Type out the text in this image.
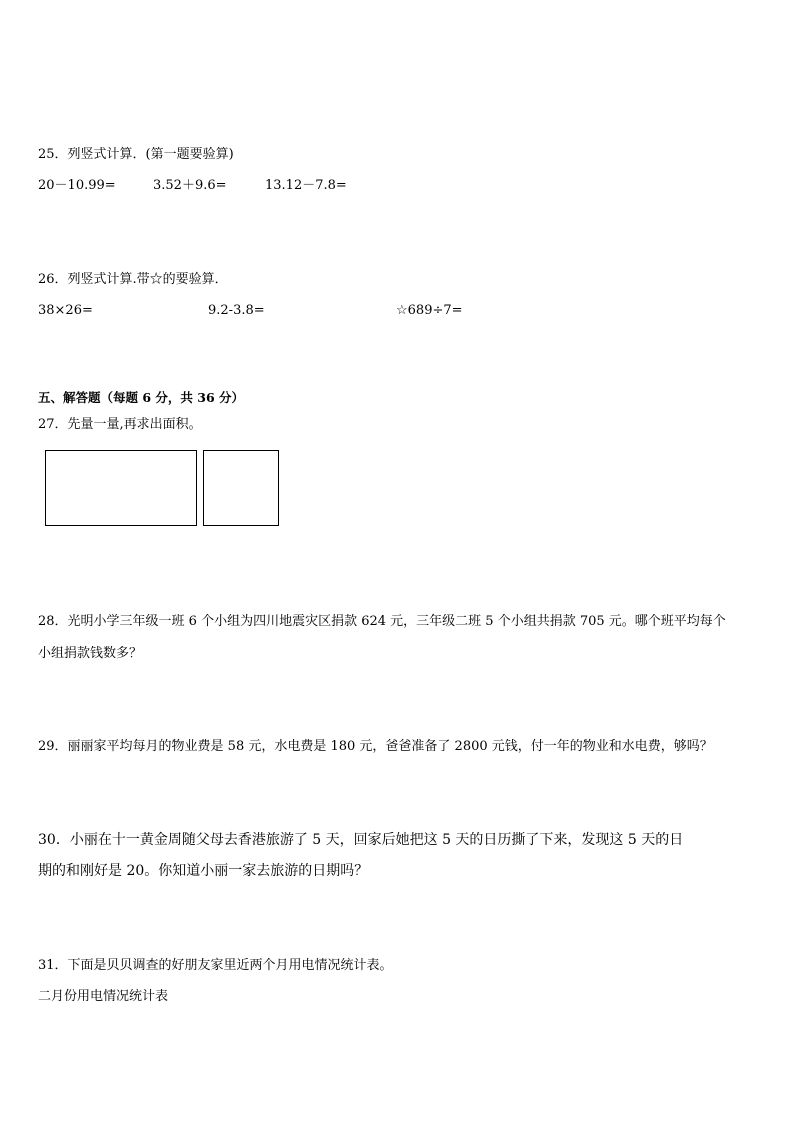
25．列竖式计算．(第一题要验算)
20－10.99=	3.52＋9.6=	13.12－7.8=
26．列竖式计算.带☆的要验算．
38×26=	9.2-3.8=	☆689÷7=
五、解答题（每题 6 分，共 36 分）
27．先量一量,再求出面积。
28．光明小学三年级一班 6 个小组为四川地震灾区捐款 624 元，三年级二班 5 个小组共捐款 705 元。哪个班平均每个
小组捐款钱数多？
29．丽丽家平均每月的物业费是 58 元，水电费是 180 元，爸爸准备了 2800 元钱，付一年的物业和水电费，够吗？
30．小丽在十一黄金周随父母去香港旅游了 5 天，回家后她把这 5 天的日历撕了下来，发现这 5 天的日
期的和刚好是 20。你知道小丽一家去旅游的日期吗？
31．下面是贝贝调查的好朋友家里近两个月用电情况统计表。
二月份用电情况统计表
